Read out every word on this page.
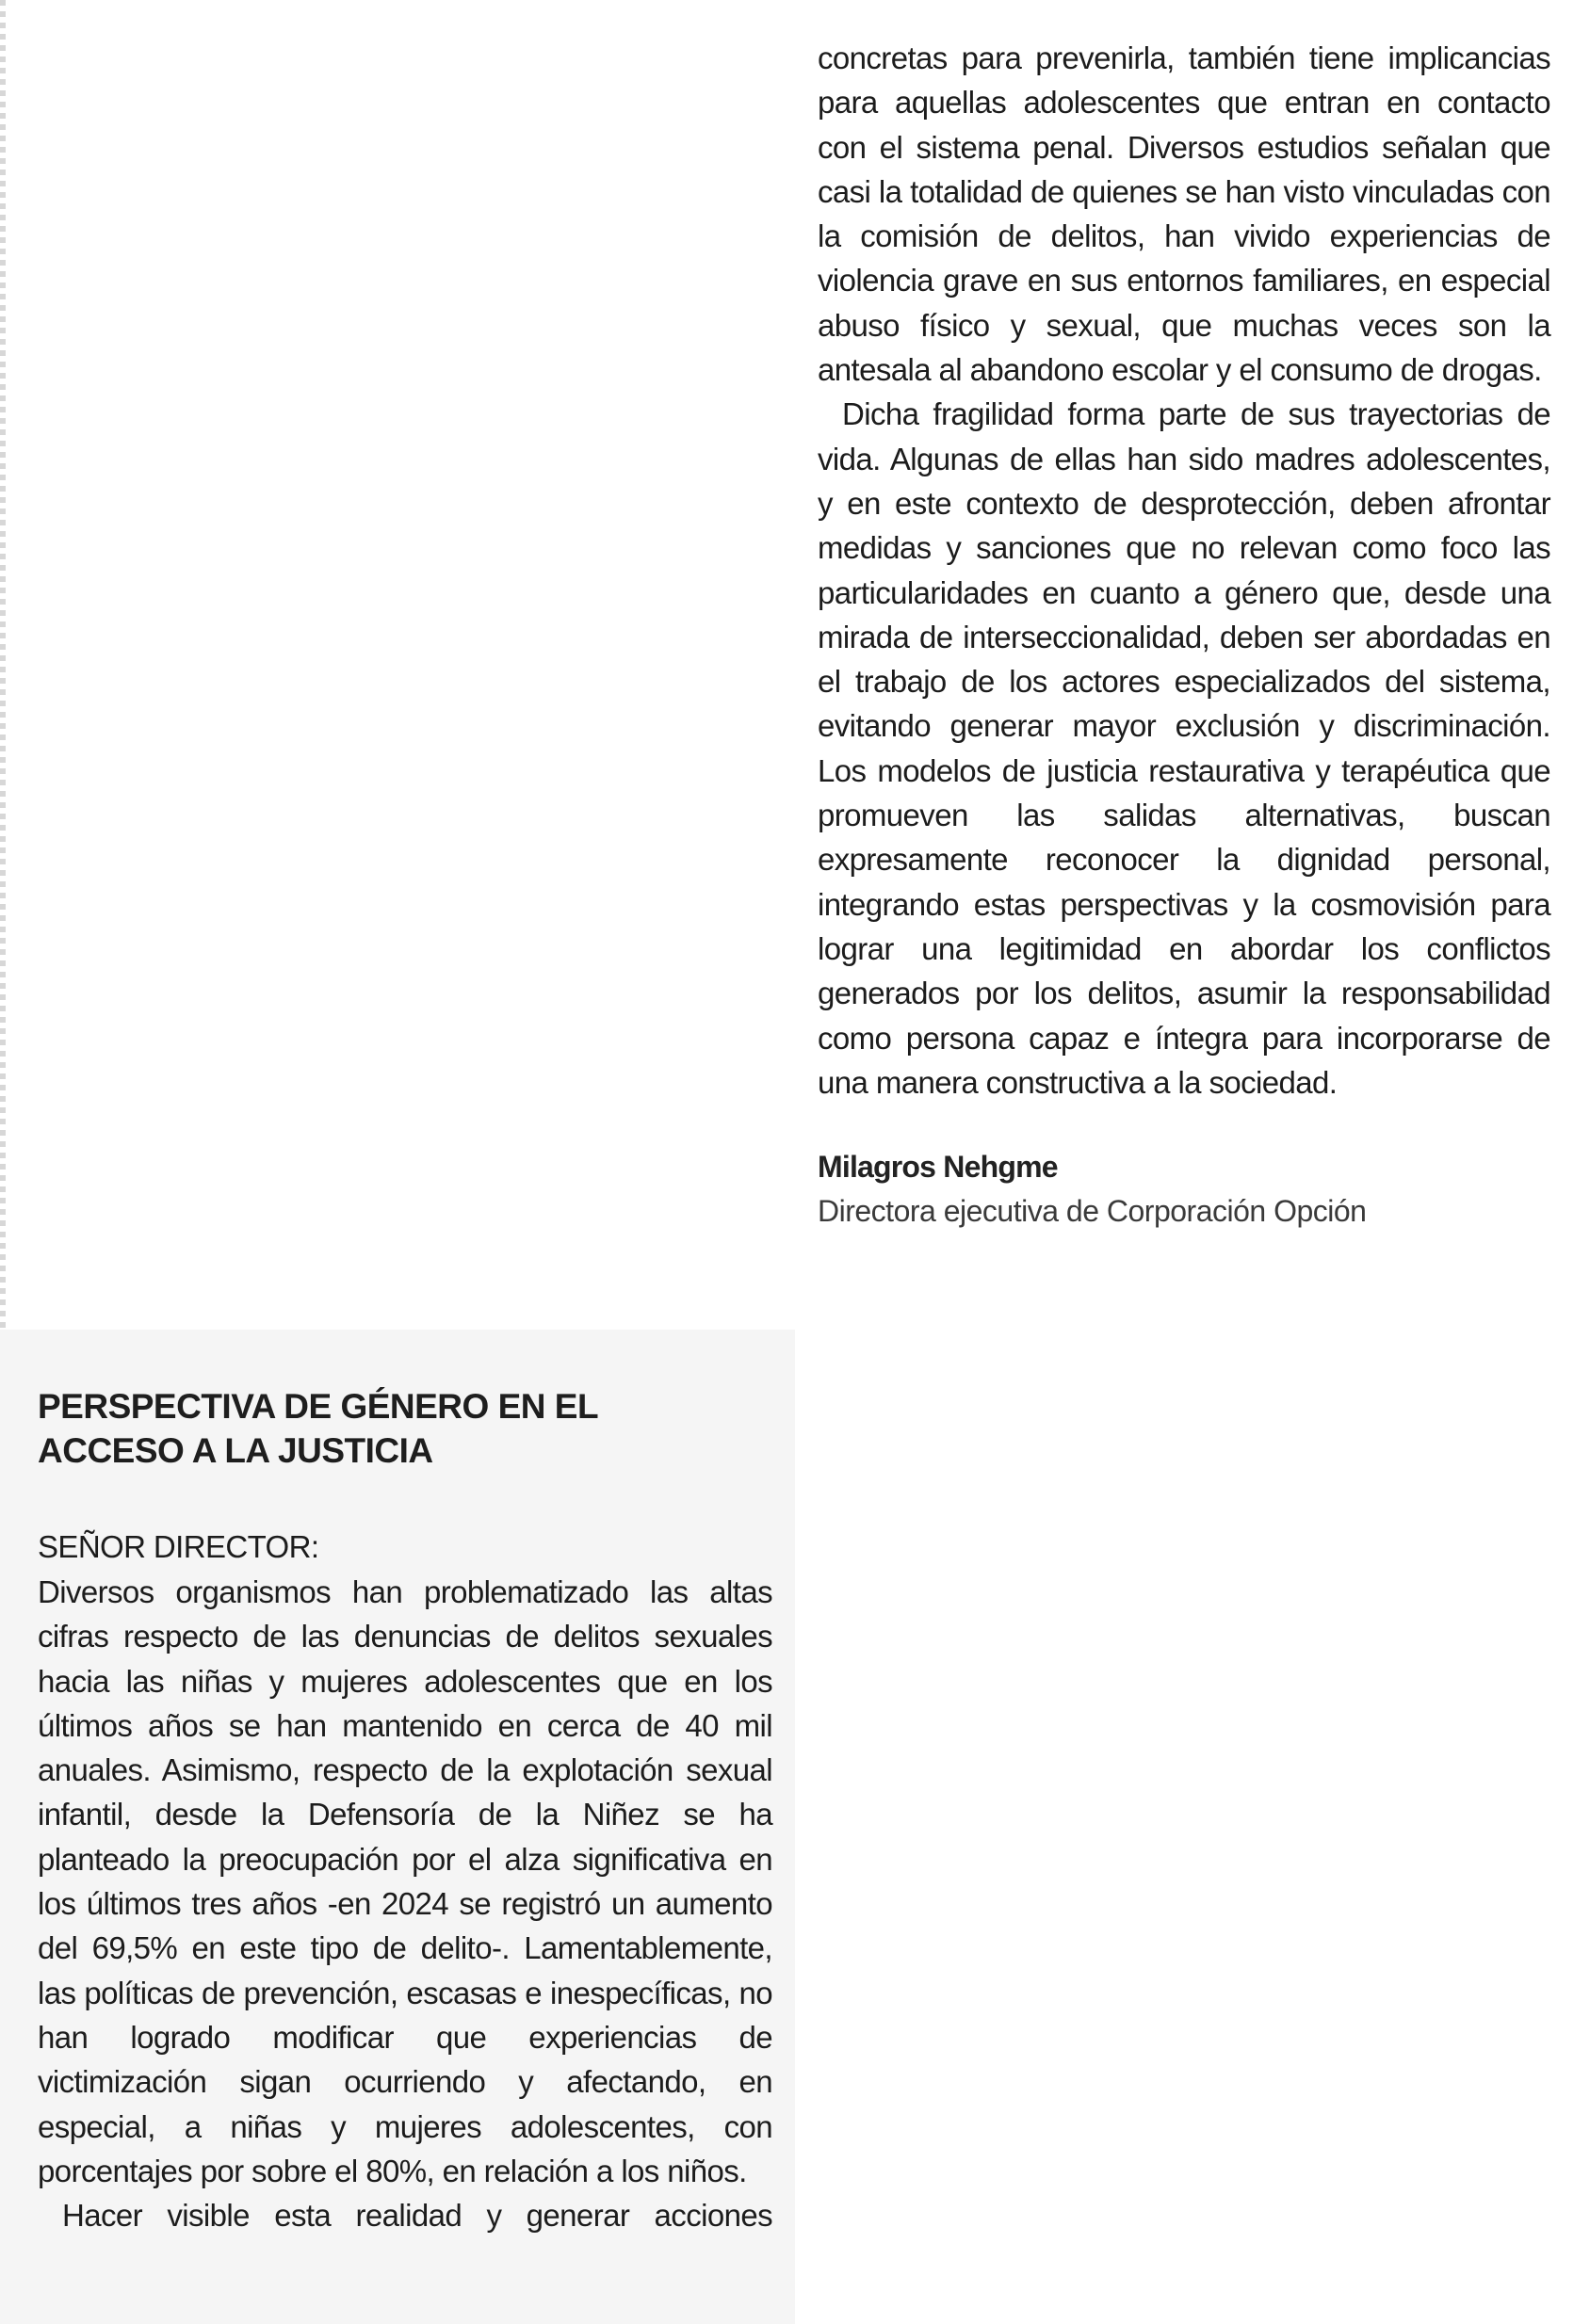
concretas para prevenirla, también tiene implicancias para aquellas adolescentes que entran en contacto con el sistema penal. Diversos estudios señalan que casi la totalidad de quienes se han visto vinculadas con la comisión de delitos, han vivido experiencias de violencia grave en sus entornos familiares, en especial abuso físico y sexual, que muchas veces son la antesala al abandono escolar y el consumo de drogas.

Dicha fragilidad forma parte de sus trayectorias de vida. Algunas de ellas han sido madres adolescentes, y en este contexto de desprotección, deben afrontar medidas y sanciones que no relevan como foco las particularidades en cuanto a género que, desde una mirada de interseccionalidad, deben ser abordadas en el trabajo de los actores especializados del sistema, evitando generar mayor exclusión y discriminación. Los modelos de justicia restaurativa y terapéutica que promueven las salidas alternativas, buscan expresamente reconocer la dignidad personal, integrando estas perspectivas y la cosmovisión para lograr una legitimidad en abordar los conflictos generados por los delitos, asumir la responsabilidad como persona capaz e íntegra para incorporarse de una manera constructiva a la sociedad.

Milagros Nehgme
Directora ejecutiva de Corporación Opción
PERSPECTIVA DE GÉNERO EN EL ACCESO A LA JUSTICIA
SEÑOR DIRECTOR:

Diversos organismos han problematizado las altas cifras respecto de las denuncias de delitos sexuales hacia las niñas y mujeres adolescentes que en los últimos años se han mantenido en cerca de 40 mil anuales. Asimismo, respecto de la explotación sexual infantil, desde la Defensoría de la Niñez se ha planteado la preocupación por el alza significativa en los últimos tres años -en 2024 se registró un aumento del 69,5% en este tipo de delito-. Lamentablemente, las políticas de prevención, escasas e inespecíficas, no han logrado modificar que experiencias de victimización sigan ocurriendo y afectando, en especial, a niñas y mujeres adolescentes, con porcentajes por sobre el 80%, en relación a los niños.

Hacer visible esta realidad y generar acciones
